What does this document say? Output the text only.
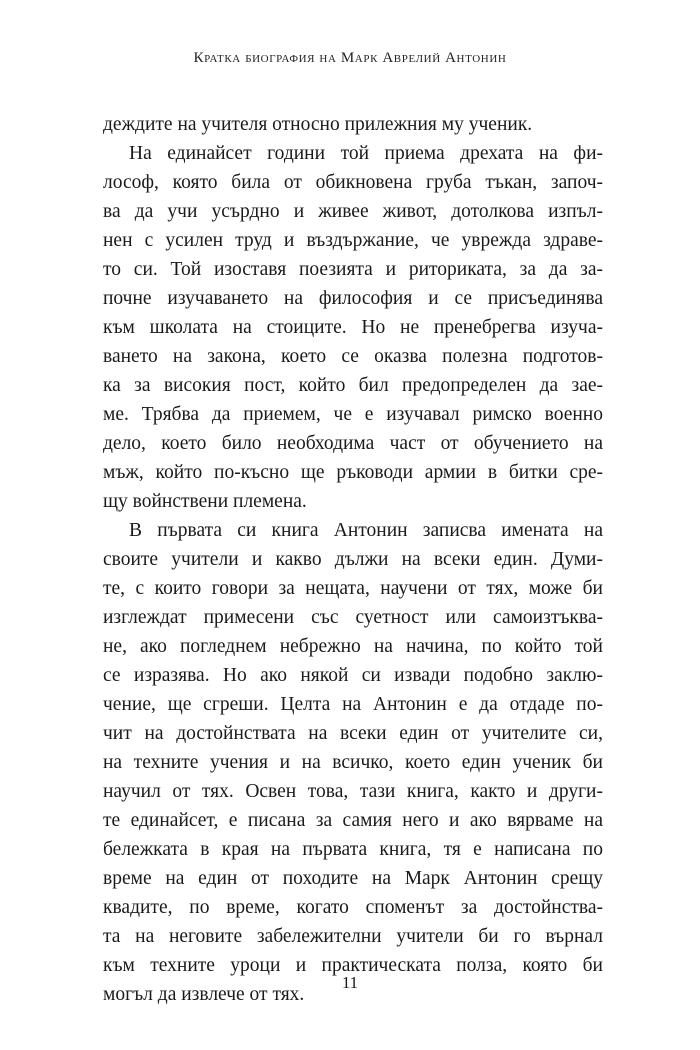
Кратка биография на Марк Аврелий Антонин
деждите на учителя относно прилежния му ученик.
На единайсет години той приема дрехата на фи-
лософ, която била от обикновена груба тъкан, започ-
ва да учи усърдно и живее живот, дотолкова изпъл-
нен с усилен труд и въздържание, че уврежда здраве-
то си. Той изоставя поезията и риториката, за да за-
почне изучаването на философия и се присъединява
към школата на стоиците. Но не пренебрегва изуча-
ването на закона, което се оказва полезна подготов-
ка за високия пост, който бил предопределен да зае-
ме. Трябва да приемем, че е изучавал римско военно
дело, което било необходима част от обучението на
мъж, който по-късно ще ръководи армии в битки сре-
щу войнствени племена.
В първата си книга Антонин записва имената на
своите учители и какво дължи на всеки един. Думи-
те, с които говори за нещата, научени от тях, може би
изглеждат примесени със суетност или самоизтъква-
не, ако погледнем небрежно на начина, по който той
се изразява. Но ако някой си извади подобно заклю-
чение, ще сгреши. Целта на Антонин е да отдаде по-
чит на достойнствата на всеки един от учителите си,
на техните учения и на всичко, което един ученик би
научил от тях. Освен това, тази книга, както и други-
те единайсет, е писана за самия него и ако вярваме на
бележката в края на първата книга, тя е написана по
време на един от походите на Марк Антонин срещу
квадите, по време, когато споменът за достойнства-
та на неговите забележителни учители би го върнал
към техните уроци и практическата полза, която би
могъл да извлече от тях.
11
